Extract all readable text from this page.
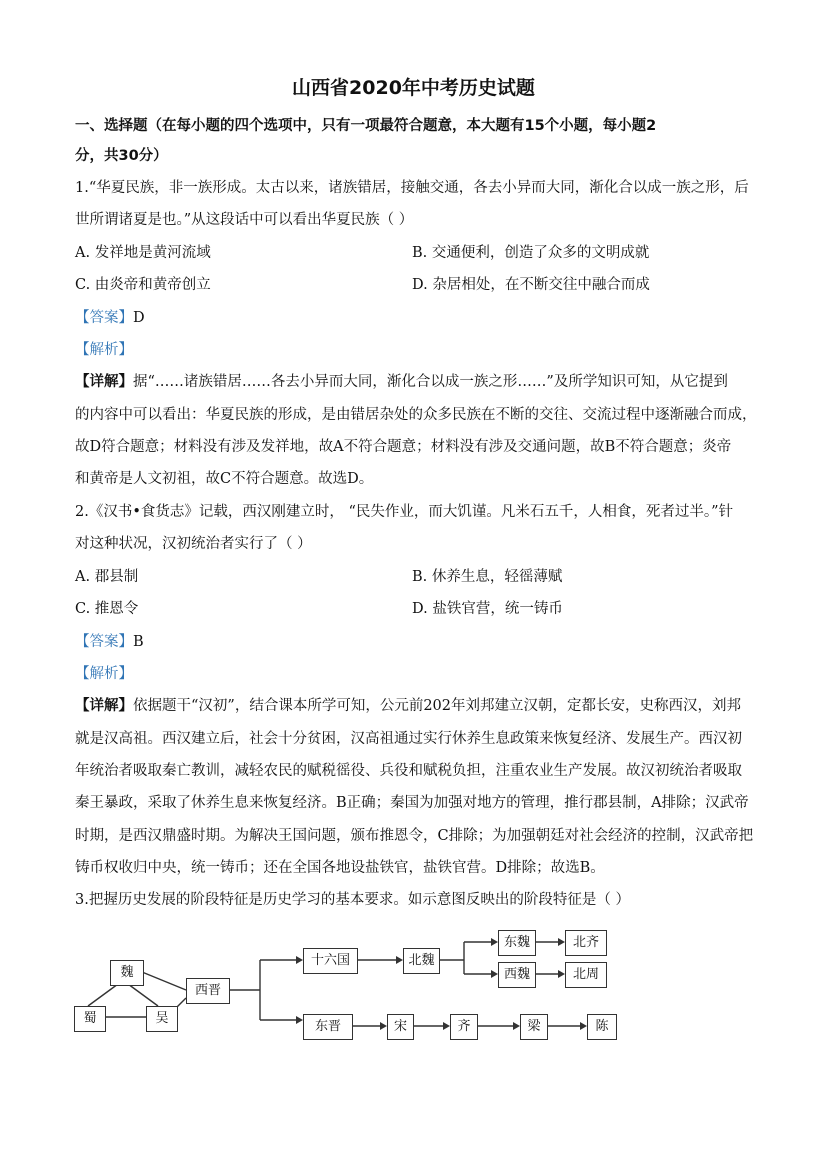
山西省2020年中考历史试题
一、选择题（在每小题的四个选项中，只有一项最符合题意，本大题有15个小题，每小题2
分，共30分）
1.“华夏民族，非一族形成。太古以来，诸族错居，接触交通，各去小异而大同，渐化合以成一族之形，后
世所谓诸夏是也。”从这段话中可以看出华夏民族（ ）
A. 发祥地是黄河流域	B. 交通便利，创造了众多的文明成就
C. 由炎帝和黄帝创立	D. 杂居相处，在不断交往中融合而成
【答案】D
【解析】
【详解】据“……诸族错居……各去小异而大同，渐化合以成一族之形……”及所学知识可知，从它提到
的内容中可以看出：华夏民族的形成，是由错居杂处的众多民族在不断的交往、交流过程中逐渐融合而成，
故D符合题意；材料没有涉及发祥地，故A不符合题意；材料没有涉及交通问题，故B不符合题意；炎帝
和黄帝是人文初祖，故C不符合题意。故选D。
2.《汉书•食货志》记载，西汉刚建立时， “民失作业，而大饥谨。凡米石五千，人相食，死者过半。”针
对这种状况，汉初统治者实行了（ ）
A. 郡县制	B. 休养生息，轻徭薄赋
C. 推恩令	D. 盐铁官营，统一铸币
【答案】B
【解析】
【详解】依据题干“汉初”，结合课本所学可知，公元前202年刘邦建立汉朝，定都长安，史称西汉，刘邦
就是汉高祖。西汉建立后，社会十分贫困，汉高祖通过实行休养生息政策来恢复经济、发展生产。西汉初
年统治者吸取秦亡教训，减轻农民的赋税徭役、兵役和赋税负担，注重农业生产发展。故汉初统治者吸取
秦王暴政，采取了休养生息来恢复经济。B正确；秦国为加强对地方的管理，推行郡县制，A排除；汉武帝
时期，是西汉鼎盛时期。为解决王国问题，颁布推恩令，C排除；为加强朝廷对社会经济的控制，汉武帝把
铸币权收归中央，统一铸币；还在全国各地设盐铁官，盐铁官营。D排除；故选B。
3.把握历史发展的阶段特征是历史学习的基本要求。如示意图反映出的阶段特征是（ ）
魏
蜀	吴
西晋
十六国	北魏
东魏
西魏
北齐
北周
东晋	宋	齐	梁	陈
